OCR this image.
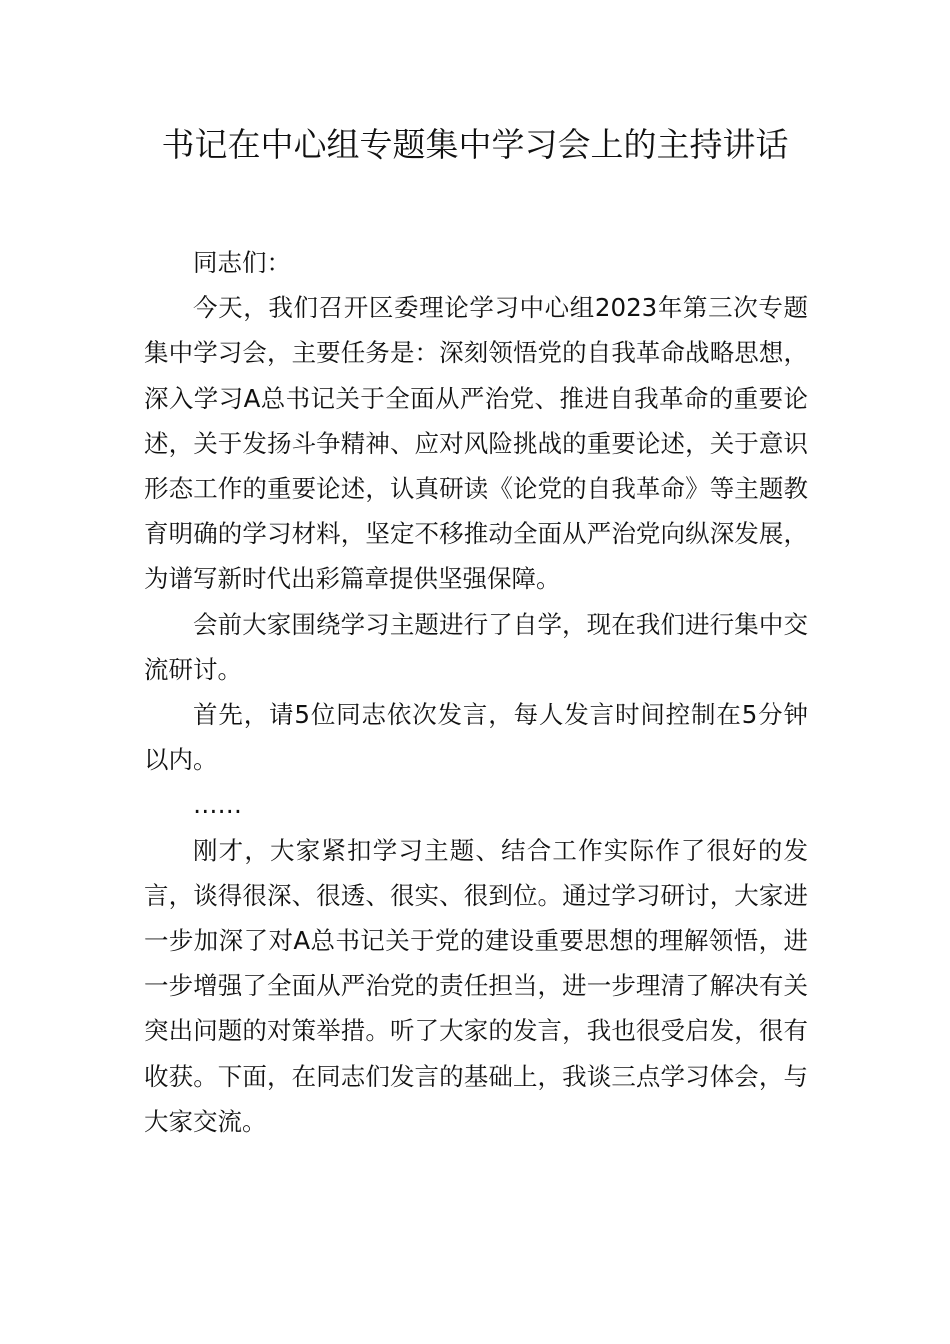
书记在中心组专题集中学习会上的主持讲话

同志们：

今天，我们召开区委理论学习中心组2023年第三次专题集中学习会，主要任务是：深刻领悟党的自我革命战略思想，深入学习A总书记关于全面从严治党、推进自我革命的重要论述，关于发扬斗争精神、应对风险挑战的重要论述，关于意识形态工作的重要论述，认真研读《论党的自我革命》等主题教育明确的学习材料，坚定不移推动全面从严治党向纵深发展，为谱写新时代出彩篇章提供坚强保障。

会前大家围绕学习主题进行了自学，现在我们进行集中交流研讨。

首先，请5位同志依次发言，每人发言时间控制在5分钟以内。

……

刚才，大家紧扣学习主题、结合工作实际作了很好的发言，谈得很深、很透、很实、很到位。通过学习研讨，大家进一步加深了对A总书记关于党的建设重要思想的理解领悟，进一步增强了全面从严治党的责任担当，进一步理清了解决有关突出问题的对策举措。听了大家的发言，我也很受启发，很有收获。下面，在同志们发言的基础上，我谈三点学习体会，与大家交流。
